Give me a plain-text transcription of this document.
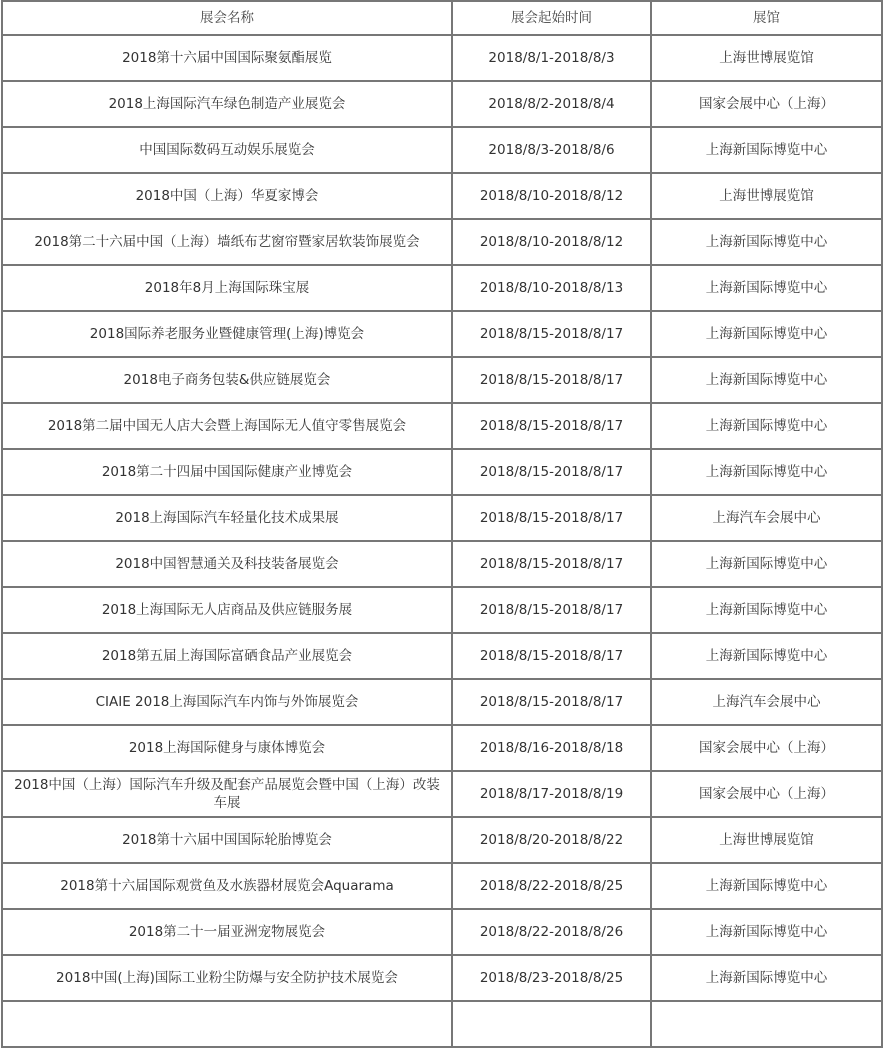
展会名称	展会起始时间	展馆
2018第十六届中国国际聚氨酯展览	2018/8/1-2018/8/3	上海世博展览馆
2018上海国际汽车绿色制造产业展览会	2018/8/2-2018/8/4	国家会展中心（上海）
中国国际数码互动娱乐展览会	2018/8/3-2018/8/6	上海新国际博览中心
2018中国（上海）华夏家博会	2018/8/10-2018/8/12	上海世博展览馆
2018第二十六届中国（上海）墙纸布艺窗帘暨家居软装饰展览会	2018/8/10-2018/8/12	上海新国际博览中心
2018年8月上海国际珠宝展	2018/8/10-2018/8/13	上海新国际博览中心
2018国际养老服务业暨健康管理(上海)博览会	2018/8/15-2018/8/17	上海新国际博览中心
2018电子商务包装&供应链展览会	2018/8/15-2018/8/17	上海新国际博览中心
2018第二届中国无人店大会暨上海国际无人值守零售展览会	2018/8/15-2018/8/17	上海新国际博览中心
2018第二十四届中国国际健康产业博览会	2018/8/15-2018/8/17	上海新国际博览中心
2018上海国际汽车轻量化技术成果展	2018/8/15-2018/8/17	上海汽车会展中心
2018中国智慧通关及科技装备展览会	2018/8/15-2018/8/17	上海新国际博览中心
2018上海国际无人店商品及供应链服务展	2018/8/15-2018/8/17	上海新国际博览中心
2018第五届上海国际富硒食品产业展览会	2018/8/15-2018/8/17	上海新国际博览中心
CIAIE 2018上海国际汽车内饰与外饰展览会	2018/8/15-2018/8/17	上海汽车会展中心
2018上海国际健身与康体博览会	2018/8/16-2018/8/18	国家会展中心（上海）
2018中国（上海）国际汽车升级及配套产品展览会暨中国（上海）改装车展	2018/8/17-2018/8/19	国家会展中心（上海）
2018第十六届中国国际轮胎博览会	2018/8/20-2018/8/22	上海世博展览馆
2018第十六届国际观赏鱼及水族器材展览会Aquarama	2018/8/22-2018/8/25	上海新国际博览中心
2018第二十一届亚洲宠物展览会	2018/8/22-2018/8/26	上海新国际博览中心
2018中国(上海)国际工业粉尘防爆与安全防护技术展览会	2018/8/23-2018/8/25	上海新国际博览中心
